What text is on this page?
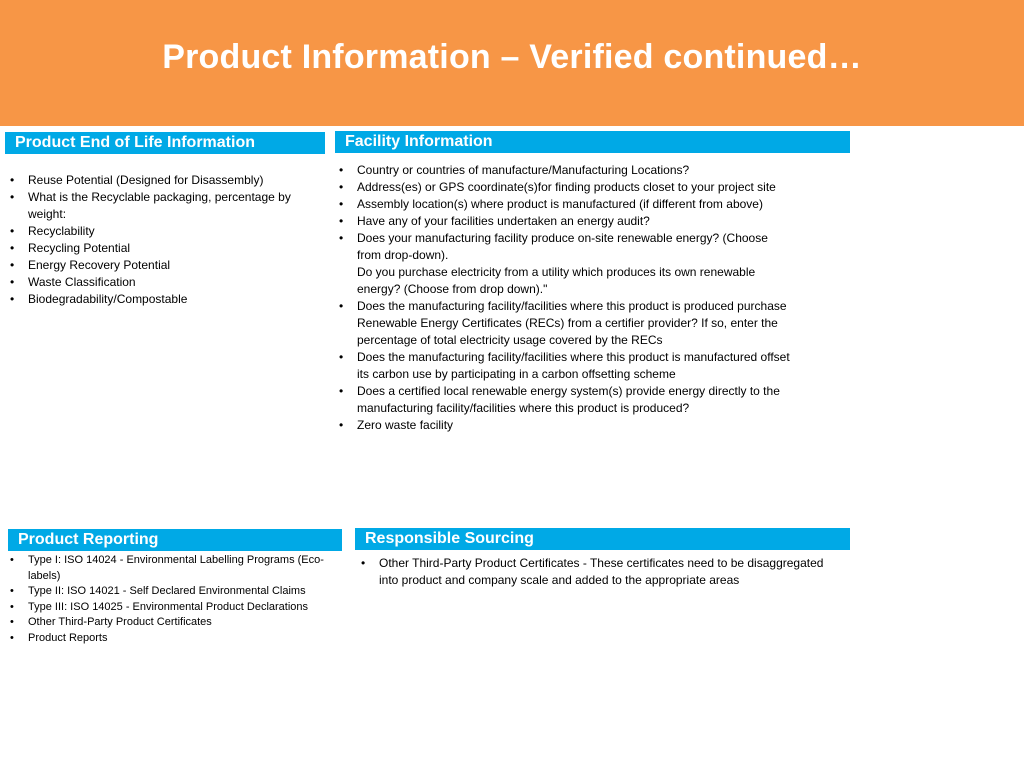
Product Information – Verified continued…
Product End of Life Information
• Reuse Potential (Designed for Disassembly)
• What is the Recyclable packaging, percentage by weight:
• Recyclability
• Recycling Potential
• Energy Recovery Potential
• Waste Classification
• Biodegradability/Compostable
Facility Information
• Country or countries of manufacture/Manufacturing Locations?
• Address(es) or GPS coordinate(s)for finding products closet to your project site
• Assembly location(s) where product is manufactured (if different from above)
• Have any of your facilities undertaken an energy audit?
• Does your manufacturing facility produce on-site renewable energy? (Choose from drop-down).
Do you purchase electricity from a utility which produces its own renewable energy? (Choose from drop down)."
• Does the manufacturing facility/facilities where this product is produced purchase Renewable Energy Certificates (RECs) from a certifier provider? If so, enter the percentage of total electricity usage covered by the RECs
• Does the manufacturing facility/facilities where this product is manufactured offset its carbon use by participating in a carbon offsetting scheme
• Does a certified local renewable energy system(s) provide energy directly to the manufacturing facility/facilities where this product is produced?
• Zero waste facility
Product Reporting
• Type I: ISO 14024 - Environmental Labelling Programs (Eco-labels)
• Type II: ISO 14021 - Self Declared Environmental Claims
• Type III: ISO 14025 - Environmental Product Declarations
• Other Third-Party Product Certificates
• Product Reports
Responsible Sourcing
• Other Third-Party Product Certificates - These certificates need to be disaggregated into product and company scale and added to the appropriate areas
